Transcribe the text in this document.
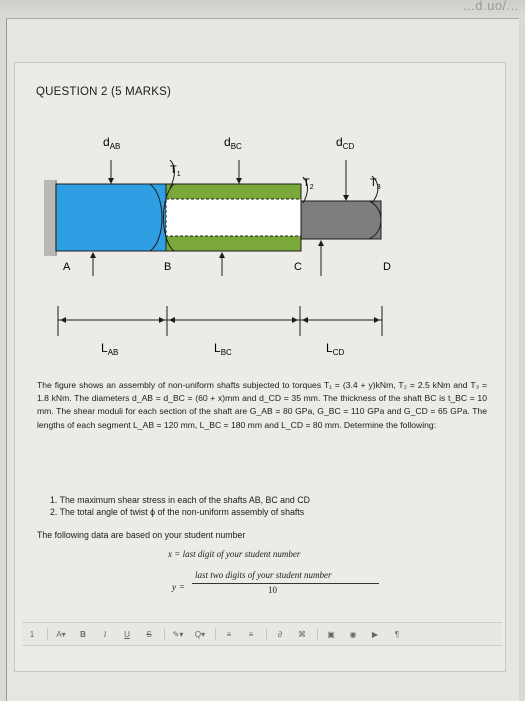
...d.uo/...
QUESTION 2 (5 MARKS)
$d_{AB}$	$d_{BC}$	$d_{CD}$
$T_1$
$T_2$	$T_3$
A	B	C	D
$L_{AB}$	$L_{BC}$	$L_{CD}$
The figure shows an assembly of non-uniform shafts subjected to torques T₁ = (3.4 + y)kNm, T₂ = 2.5 kNm and T₃ = 1.8 kNm. The diameters d_AB = d_BC = (60 + x)mm and d_CD = 35 mm. The thickness of the shaft BC is t_BC = 10 mm. The shear moduli for each section of the shaft are G_AB = 80 GPa, G_BC = 110 GPa and G_CD = 65 GPa. The lengths of each segment L_AB = 120 mm, L_BC = 180 mm and L_CD = 80 mm. Determine the following:
1. The maximum shear stress in each of the shafts AB, BC and CD
2. The total angle of twist ϕ of the non-uniform assembly of shafts
The following data are based on your student number
x = last digit of your student number
last two digits of your student number
y =	10
1	A▾	B I U S	✎▾	Q▾	≡	≡	∂	⌘	▣	◉	▶	¶
